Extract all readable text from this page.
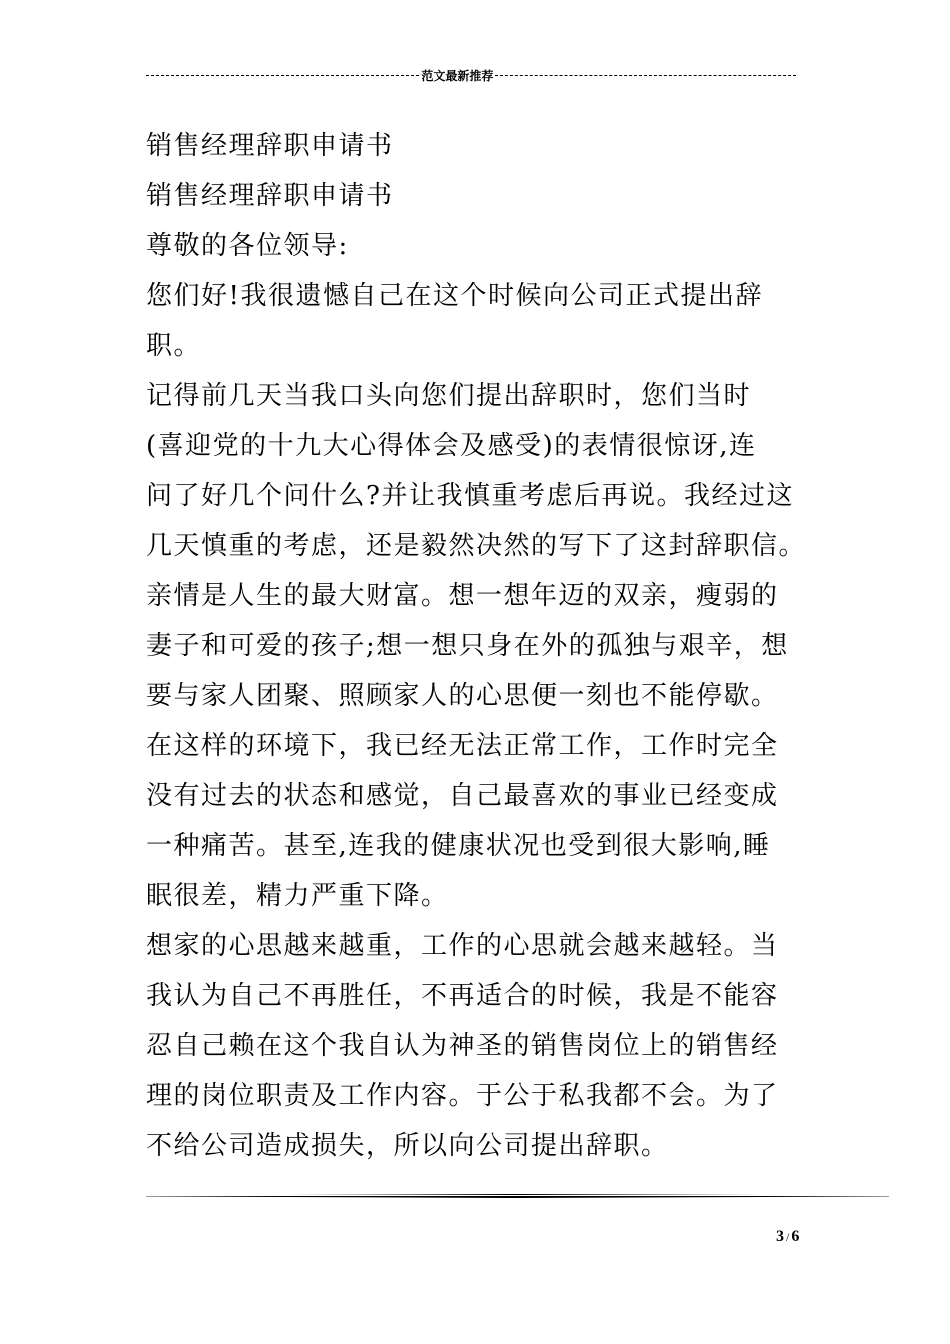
范文最新推荐
销售经理辞职申请书
销售经理辞职申请书
尊敬的各位领导:
您们好!我很遗憾自己在这个时候向公司正式提出辞
职。
记得前几天当我口头向您们提出辞职时，您们当时
(喜迎党的十九大心得体会及感受)的表情很惊讶,连
问了好几个问什么?并让我慎重考虑后再说。我经过这
几天慎重的考虑，还是毅然决然的写下了这封辞职信。
亲情是人生的最大财富。想一想年迈的双亲，瘦弱的
妻子和可爱的孩子;想一想只身在外的孤独与艰辛，想
要与家人团聚、照顾家人的心思便一刻也不能停歇。
在这样的环境下，我已经无法正常工作，工作时完全
没有过去的状态和感觉，自己最喜欢的事业已经变成
一种痛苦。甚至,连我的健康状况也受到很大影响,睡
眠很差，精力严重下降。
想家的心思越来越重，工作的心思就会越来越轻。当
我认为自己不再胜任，不再适合的时候，我是不能容
忍自己赖在这个我自认为神圣的销售岗位上的销售经
理的岗位职责及工作内容。于公于私我都不会。为了
不给公司造成损失，所以向公司提出辞职。
3 / 6
